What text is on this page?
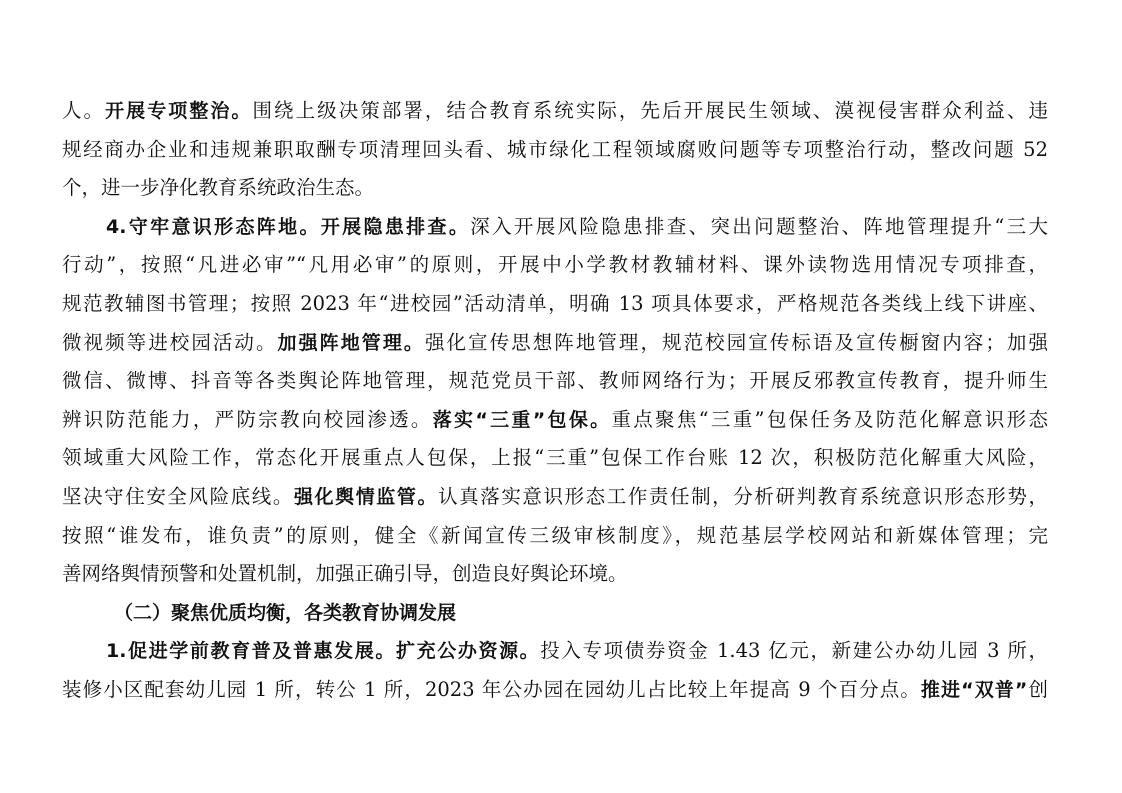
人。开展专项整治。围绕上级决策部署，结合教育系统实际，先后开展民生领域、漠视侵害群众利益、违
规经商办企业和违规兼职取酬专项清理回头看、城市绿化工程领域腐败问题等专项整治行动，整改问题 52
个，进一步净化教育系统政治生态。
4.守牢意识形态阵地。开展隐患排查。深入开展风险隐患排查、突出问题整治、阵地管理提升“三大
行动”，按照“凡进必审”“凡用必审”的原则，开展中小学教材教辅材料、课外读物选用情况专项排查，
规范教辅图书管理；按照 2023 年“进校园”活动清单，明确 13 项具体要求，严格规范各类线上线下讲座、
微视频等进校园活动。加强阵地管理。强化宣传思想阵地管理，规范校园宣传标语及宣传橱窗内容；加强
微信、微博、抖音等各类舆论阵地管理，规范党员干部、教师网络行为；开展反邪教宣传教育，提升师生
辨识防范能力，严防宗教向校园渗透。落实“三重”包保。重点聚焦“三重”包保任务及防范化解意识形态
领域重大风险工作，常态化开展重点人包保，上报“三重”包保工作台账 12 次，积极防范化解重大风险，
坚决守住安全风险底线。强化舆情监管。认真落实意识形态工作责任制，分析研判教育系统意识形态形势，
按照“谁发布，谁负责”的原则，健全《新闻宣传三级审核制度》，规范基层学校网站和新媒体管理；完
善网络舆情预警和处置机制，加强正确引导，创造良好舆论环境。
（二）聚焦优质均衡，各类教育协调发展
1.促进学前教育普及普惠发展。扩充公办资源。投入专项债券资金 1.43 亿元，新建公办幼儿园 3 所，
装修小区配套幼儿园 1 所，转公 1 所，2023 年公办园在园幼儿占比较上年提高 9 个百分点。推进“双普”创
